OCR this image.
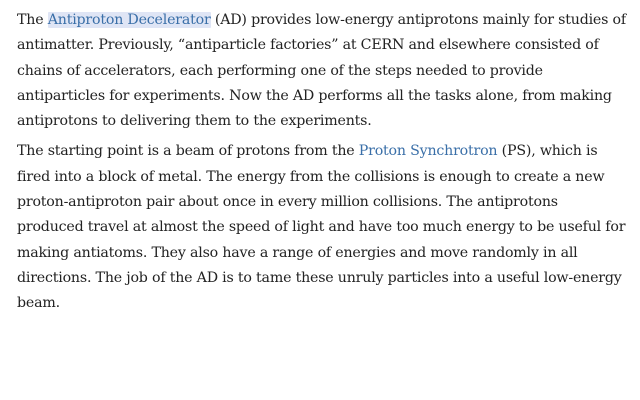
The Antiproton Decelerator (AD) provides low-energy antiprotons mainly for studies of antimatter. Previously, “antiparticle factories” at CERN and elsewhere consisted of chains of accelerators, each performing one of the steps needed to provide antiparticles for experiments. Now the AD performs all the tasks alone, from making antiprotons to delivering them to the experiments.

The starting point is a beam of protons from the Proton Synchrotron (PS), which is fired into a block of metal. The energy from the collisions is enough to create a new proton-antiproton pair about once in every million collisions. The antiprotons produced travel at almost the speed of light and have too much energy to be useful for making antiatoms. They also have a range of energies and move randomly in all directions. The job of the AD is to tame these unruly particles into a useful low-energy beam.
